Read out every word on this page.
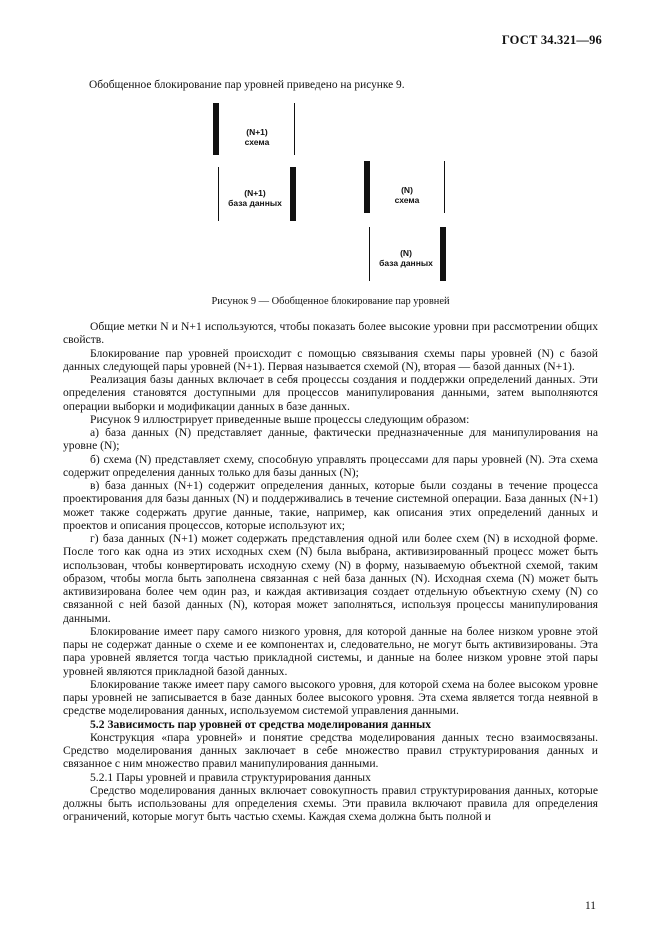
ГОСТ 34.321—96
Обобщенное блокирование пар уровней приведено на рисунке 9.
(N+1)
схема
(N+1)
база данных
(N)
схема
(N)
база данных
Рисунок 9 — Обобщенное блокирование пар уровней

Общие метки N и N+1 используются, чтобы показать более высокие уровни при рассмотрении общих свойств.

Блокирование пар уровней происходит с помощью связывания схемы пары уровней (N) с базой данных следующей пары уровней (N+1). Первая называется схемой (N), вторая — базой данных (N+1).

Реализация базы данных включает в себя процессы создания и поддержки определений данных. Эти определения становятся доступными для процессов манипулирования данными, затем выполняются операции выборки и модификации данных в базе данных.

Рисунок 9 иллюстрирует приведенные выше процессы следующим образом:

а) база данных (N) представляет данные, фактически предназначенные для манипулирования на уровне (N);

б) схема (N) представляет схему, способную управлять процессами для пары уровней (N). Эта схема содержит определения данных только для базы данных (N);

в) база данных (N+1) содержит определения данных, которые были созданы в течение процесса проектирования для базы данных (N) и поддерживались в течение системной операции. База данных (N+1) может также содержать другие данные, такие, например, как описания этих определений данных и проектов и описания процессов, которые используют их;

г) база данных (N+1) может содержать представления одной или более схем (N) в исходной форме. После того как одна из этих исходных схем (N) была выбрана, активизированный процесс может быть использован, чтобы конвертировать исходную схему (N) в форму, называемую объектной схемой, таким образом, чтобы могла быть заполнена связанная с ней база данных (N). Исходная схема (N) может быть активизирована более чем один раз, и каждая активизация создает отдельную объектную схему (N) со связанной с ней базой данных (N), которая может заполняться, используя процессы манипулирования данными.

Блокирование имеет пару самого низкого уровня, для которой данные на более низком уровне этой пары не содержат данные о схеме и ее компонентах и, следовательно, не могут быть активизированы. Эта пара уровней является тогда частью прикладной системы, и данные на более низком уровне этой пары уровней являются прикладной базой данных.

Блокирование также имеет пару самого высокого уровня, для которой схема на более высоком уровне пары уровней не записывается в базе данных более высокого уровня. Эта схема является тогда неявной в средстве моделирования данных, используемом системой управления данными.

5.2 Зависимость пар уровней от средства моделирования данных

Конструкция «пара уровней» и понятие средства моделирования данных тесно взаимосвязаны. Средство моделирования данных заключает в себе множество правил структурирования данных и связанное с ним множество правил манипулирования данными.

5.2.1 Пары уровней и правила структурирования данных

Средство моделирования данных включает совокупность правил структурирования данных, которые должны быть использованы для определения схемы. Эти правила включают правила для определения ограничений, которые могут быть частью схемы. Каждая схема должна быть полной и

11
